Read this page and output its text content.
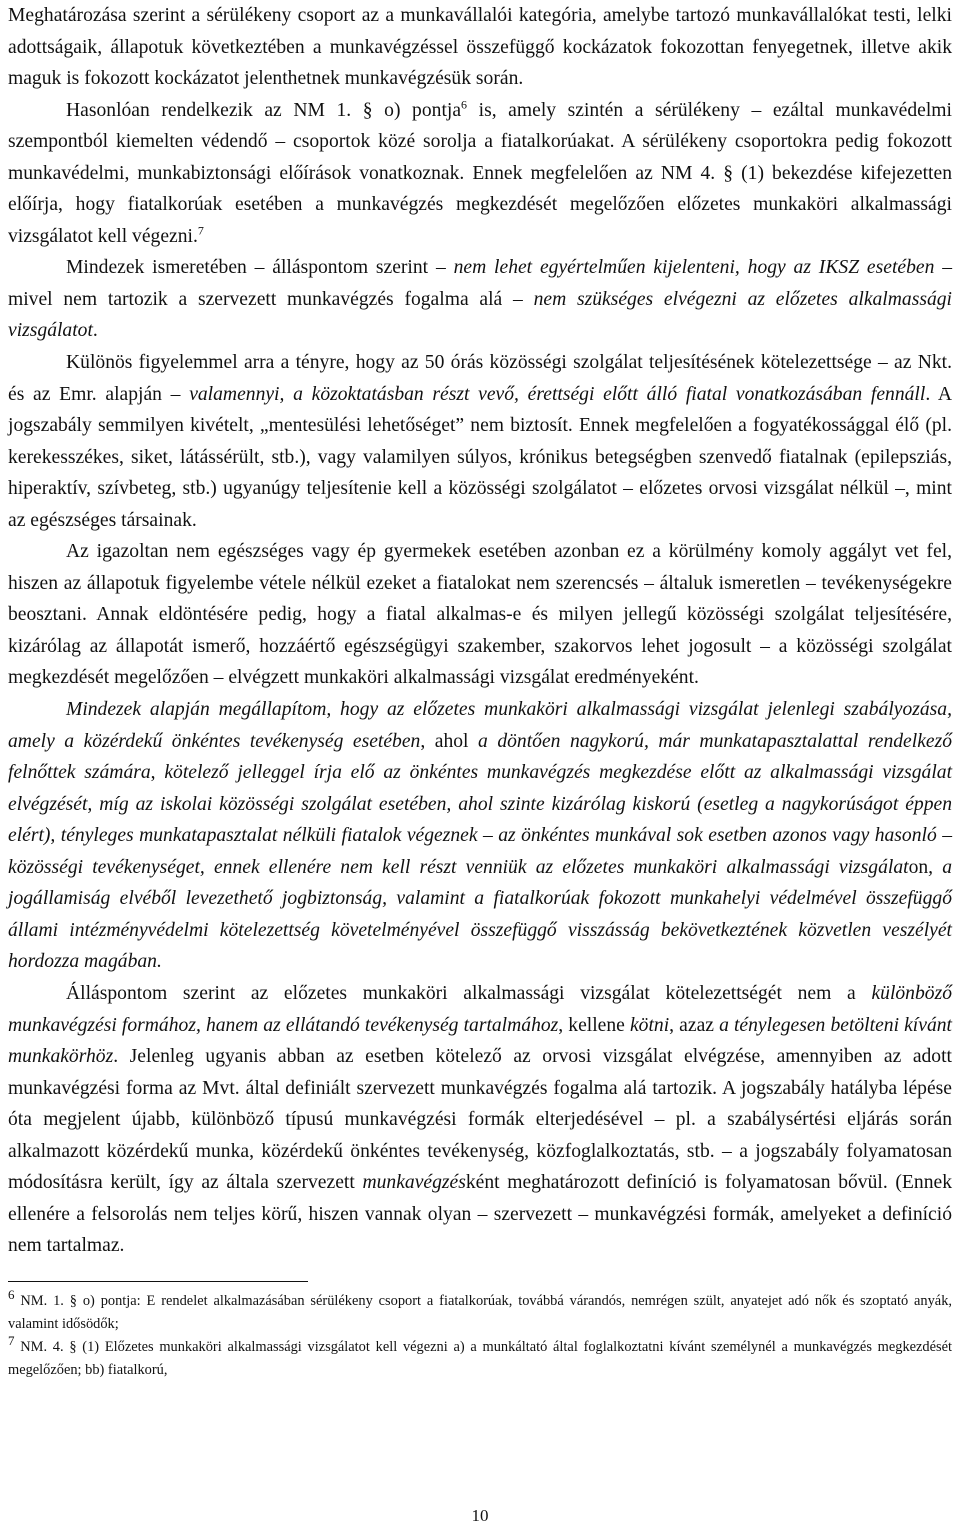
Meghatározása szerint a sérülékeny csoport az a munkavállalói kategória, amelybe tartozó munkavállalókat testi, lelki adottságaik, állapotuk következtében a munkavégzéssel összefüggő kockázatok fokozottan fenyegetnek, illetve akik maguk is fokozott kockázatot jelenthetnek munkavégzésük során.

Hasonlóan rendelkezik az NM 1. § o) pontja$^6$ is, amely szintén a sérülékeny – ezáltal munkavédelmi szempontból kiemelten védendő – csoportok közé sorolja a fiatalkorúakat. A sérülékeny csoportokra pedig fokozott munkavédelmi, munkabiztonsági előírások vonatkoznak. Ennek megfelelően az NM 4. § (1) bekezdése kifejezetten előírja, hogy fiatalkorúak esetében a munkavégzés megkezdését megelőzően előzetes munkaköri alkalmassági vizsgálatot kell végezni.$^7$

Mindezek ismeretében – álláspontom szerint – nem lehet egyértelműen kijelenteni, hogy az IKSZ esetében – mivel nem tartozik a szervezett munkavégzés fogalma alá – nem szükséges elvégezni az előzetes alkalmassági vizsgálatot.

Különös figyelemmel arra a tényre, hogy az 50 órás közösségi szolgálat teljesítésének kötelezettsége – az Nkt. és az Emr. alapján – valamennyi, a közoktatásban részt vevő, érettségi előtt álló fiatal vonatkozásában fennáll. A jogszabály semmilyen kivételt, „mentesülési lehetőséget” nem biztosít. Ennek megfelelően a fogyatékossággal élő (pl. kerekesszékes, siket, látássérült, stb.), vagy valamilyen súlyos, krónikus betegségben szenvedő fiatalnak (epilepsziás, hiperaktív, szívbeteg, stb.) ugyanúgy teljesítenie kell a közösségi szolgálatot – előzetes orvosi vizsgálat nélkül –, mint az egészséges társainak.

Az igazoltan nem egészséges vagy ép gyermekek esetében azonban ez a körülmény komoly aggályt vet fel, hiszen az állapotuk figyelembe vétele nélkül ezeket a fiatalokat nem szerencsés – általuk ismeretlen – tevékenységekre beosztani. Annak eldöntésére pedig, hogy a fiatal alkalmas-e és milyen jellegű közösségi szolgálat teljesítésére, kizárólag az állapotát ismerő, hozzáértő egészségügyi szakember, szakorvos lehet jogosult – a közösségi szolgálat megkezdését megelőzően – elvégzett munkaköri alkalmassági vizsgálat eredményeként.

Mindezek alapján megállapítom, hogy az előzetes munkaköri alkalmassági vizsgálat jelenlegi szabályozása, amely a közérdekű önkéntes tevékenység esetében, ahol a döntően nagykorú, már munkatapasztalattal rendelkező felnőttek számára, kötelező jelleggel írja elő az önkéntes munkavégzés megkezdése előtt az alkalmassági vizsgálat elvégzését, míg az iskolai közösségi szolgálat esetében, ahol szinte kizárólag kiskorú (esetleg a nagykorúságot éppen elért), tényleges munkatapasztalat nélküli fiatalok végeznek – az önkéntes munkával sok esetben azonos vagy hasonló – közösségi tevékenységet, ennek ellenére nem kell részt venniük az előzetes munkaköri alkalmassági vizsgálaton, a jogállamiság elvéből levezethető jogbiztonság, valamint a fiatalkorúak fokozott munkahelyi védelmével összefüggő állami intézményvédelmi kötelezettség követelményével összefüggő visszásság bekövetkeztének közvetlen veszélyét hordozza magában.

Álláspontom szerint az előzetes munkaköri alkalmassági vizsgálat kötelezettségét nem a különböző munkavégzési formához, hanem az ellátandó tevékenység tartalmához, kellene kötni, azaz a ténylegesen betölteni kívánt munkakörhöz. Jelenleg ugyanis abban az esetben kötelező az orvosi vizsgálat elvégzése, amennyiben az adott munkavégzési forma az Mvt. által definiált szervezett munkavégzés fogalma alá tartozik. A jogszabály hatályba lépése óta megjelent újabb, különböző típusú munkavégzési formák elterjedésével – pl. a szabálysértési eljárás során alkalmazott közérdekű munka, közérdekű önkéntes tevékenység, közfoglalkoztatás, stb. – a jogszabály folyamatosan módosításra került, így az általa szervezett munkavégzésként meghatározott definíció is folyamatosan bővül. (Ennek ellenére a felsorolás nem teljes körű, hiszen vannak olyan – szervezett – munkavégzési formák, amelyeket a definíció nem tartalmaz.

6 NM. 1. § o) pontja: E rendelet alkalmazásában sérülékeny csoport a fiatalkorúak, továbbá várandós, nemrégen szült, anyatejet adó nők és szoptató anyák, valamint idősödők;

7 NM. 4. § (1) Előzetes munkaköri alkalmassági vizsgálatot kell végezni a) a munkáltató által foglalkoztatni kívánt személynél a munkavégzés megkezdését megelőzően; bb) fiatalkorú,

10
